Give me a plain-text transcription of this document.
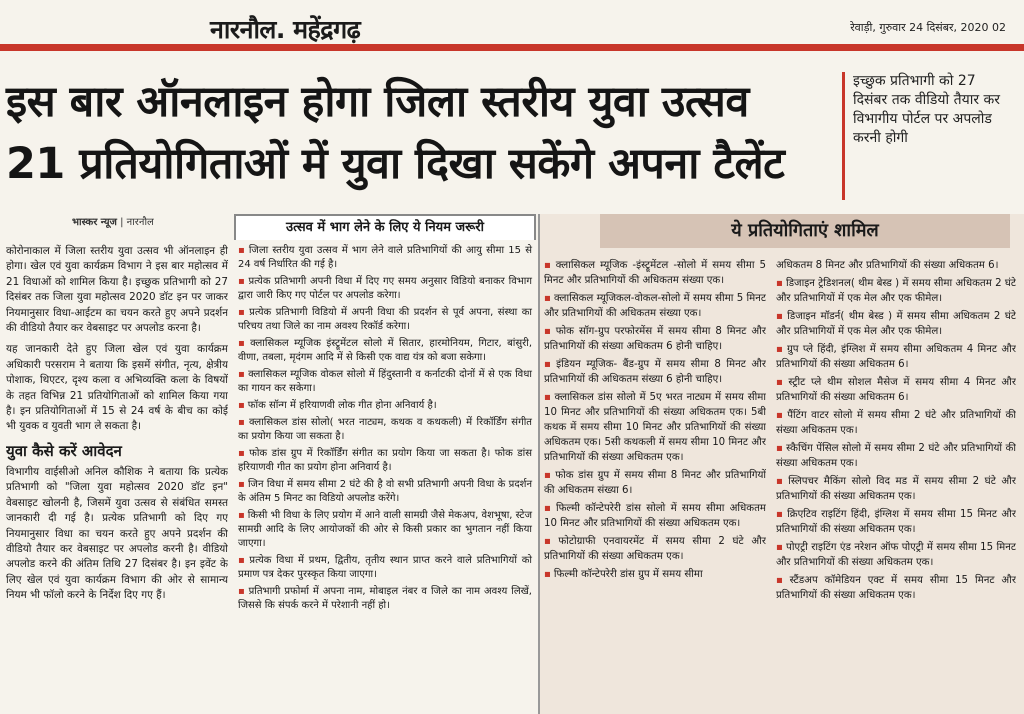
नारनौल. महेंद्रगढ़	रेवाड़ी, गुरुवार 24 दिसंबर, 2020 02
इस बार ऑनलाइन होगा जिला स्तरीय युवा उत्सव
21 प्रतियोगिताओं में युवा दिखा सकेंगे अपना टैलेंट

इच्छुक प्रतिभागी को 27 दिसंबर तक वीडियो तैयार कर विभागीय पोर्टल पर अपलोड करनी होगी

भास्कर न्यूज | नारनौल

कोरोनाकाल में जिला स्तरीय युवा उत्सव भी ऑनलाइन ही होगा। खेल एवं युवा कार्यक्रम विभाग ने इस बार महोत्सव में 21 विधाओं को शामिल किया है। इच्छुक प्रतिभागी को 27 दिसंबर तक जिला युवा महोत्सव 2020 डॉट इन पर जाकर नियमानुसार विधा-आईटम का चयन करते हुए अपने प्रदर्शन की वीडियो तैयार कर वेबसाइट पर अपलोड करना है।

यह जानकारी देते हुए जिला खेल एवं युवा कार्यक्रम अधिकारी परसराम ने बताया कि इसमें संगीत, नृत्य, क्षेत्रीय पोशाक, थिएटर, दृश्य कला व अभिव्यक्ति कला के विषयों के तहत विभिन्न 21 प्रतियोगिताओं को शामिल किया गया है। इन प्रतियोगिताओं में 15 से 24 वर्ष के बीच का कोई भी युवक व युवती भाग ले सकता है।

युवा कैसे करें आवेदन

विभागीय वाईसीओ अनिल कौशिक ने बताया कि प्रत्येक प्रतिभागी को "जिला युवा महोत्सव 2020 डॉट इन" वेबसाइट खोलनी है, जिसमें युवा उत्सव से संबंधित समस्त जानकारी दी गई है। प्रत्येक प्रतिभागी को दिए गए नियमानुसार विधा का चयन करते हुए अपने प्रदर्शन की वीडियो तैयार कर वेबसाइट पर अपलोड करनी है। वीडियो अपलोड करने की अंतिम तिथि 27 दिसंबर है। इन इवेंट के लिए खेल एवं युवा कार्यक्रम विभाग की ओर से सामान्य नियम भी फॉलो करने के निर्देश दिए गए हैं।

उत्सव में भाग लेने के लिए ये नियम जरूरी

▪ जिला स्तरीय युवा उत्सव में भाग लेने वाले प्रतिभागियों की आयु सीमा 15 से 24 वर्ष निर्धारित की गई है।

▪ प्रत्येक प्रतिभागी अपनी विधा में दिए गए समय अनुसार विडियो बनाकर विभाग द्वारा जारी किए गए पोर्टल पर अपलोड करेगा।

▪ प्रत्येक प्रतिभागी विडियो में अपनी विधा की प्रदर्शन से पूर्व अपना, संस्था का परिचय तथा जिले का नाम अवश्य रिकॉर्ड करेगा।

▪ क्लासिकल म्यूजिक इंस्ट्रूमेंटल सोलो में सितार, हारमोनियम, गिटार, बांसुरी, वीणा, तबला, मृदंगम आदि में से किसी एक वाद्य यंत्र को बजा सकेगा।

▪ क्लासिकल म्यूजिक वोकल सोलो में हिंदुस्तानी व कर्नाटकी दोनों में से एक विधा का गायन कर सकेगा।

▪ फॉक सॉन्ग में हरियाणवी लोक गीत होना अनिवार्य है।

▪ क्लासिकल डांस सोलो( भरत नाट्यम, कथक व कथकली) में रिकॉर्डिंग संगीत का प्रयोग किया जा सकता है।

▪ फोक डांस ग्रुप में रिकॉर्डिंग संगीत का प्रयोग किया जा सकता है। फोक डांस हरियाणवी गीत का प्रयोग होना अनिवार्य है।

▪ जिन विधा में समय सीमा 2 घंटे की है वो सभी प्रतिभागी अपनी विधा के प्रदर्शन के अंतिम 5 मिनट का विडियो अपलोड करेंगे।

▪ किसी भी विधा के लिए प्रयोग में आने वाली सामग्री जैसे मेकअप, वेशभूषा, स्टेज सामग्री आदि के लिए आयोजकों की ओर से किसी प्रकार का भुगतान नहीं किया जाएगा।

▪ प्रत्येक विधा में प्रथम, द्वितीय, तृतीय स्थान प्राप्त करने वाले प्रतिभागियों को प्रमाण पत्र देकर पुरस्कृत किया जाएगा।

▪ प्रतिभागी प्रफोर्मा में अपना नाम, मोबाइल नंबर व जिले का नाम अवश्य लिखें, जिससे कि संपर्क करने में परेशानी नहीं हो।

ये प्रतियोगिताएं शामिल

▪ क्लासिकल म्यूजिक -इंस्ट्रूमेंटल -सोलो में समय सीमा 5 मिनट और प्रतिभागियों की अधिकतम संख्या एक।

▪ क्लासिकल म्यूजिकल-वोकल-सोलो में समय सीमा 5 मिनट और प्रतिभागियों की अधिकतम संख्या एक।

▪ फोक सॉग-ग्रुप परफोरमेंस में समय सीमा 8 मिनट और प्रतिभागियों की संख्या अधिकतम 6 होनी चाहिए।

▪ इंडियन म्यूजिक- बैंड-ग्रुप में समय सीमा 8 मिनट और प्रतिभागियों की अधिकतम संख्या 6 होनी चाहिए।

▪ क्लासिकल डांस सोलो में 5ए भरत नाट्यम में समय सीमा 10 मिनट और प्रतिभागियों की संख्या अधिकतम एक। 5बी कथक में समय सीमा 10 मिनट और प्रतिभागियों की संख्या अधिकतम एक। 5सी कथकली में समय सीमा 10 मिनट और प्रतिभागियों की संख्या अधिकतम एक।

▪ फोक डांस ग्रुप में समय सीमा 8 मिनट और प्रतिभागियों की अधिकतम संख्या 6।

▪ फिल्मी कॉन्टेपरेरी डांस सोलो में समय सीमा अधिकतम 10 मिनट और प्रतिभागियों की संख्या अधिकतम एक।

▪ फोटोग्राफी एनवायरमेंट में समय सीमा 2 घंटे और प्रतिभागियों की संख्या अधिकतम एक।

▪ फिल्मी कॉन्टेपरेरी डांस ग्रुप में समय सीमा

अधिकतम 8 मिनट और प्रतिभागियों की संख्या अधिकतम 6।

▪ डिजाइन ट्रेडिशनल( थीम बेस्ड ) में समय सीमा अधिकतम 2 घंटे और प्रतिभागियों में एक मेल और एक फीमेल।

▪ डिजाइन मॉडर्न( थीम बेस्ड ) में समय सीमा अधिकतम 2 घंटे और प्रतिभागियों में एक मेल और एक फीमेल।

▪ ग्रुप प्ले हिंदी, इंग्लिश में समय सीमा अधिकतम 4 मिनट और प्रतिभागियों की संख्या अधिकतम 6।

▪ स्ट्रीट प्ले थीम सोशल मैसेज में समय सीमा 4 मिनट और प्रतिभागियों की संख्या अधिकतम 6।

▪ पैंटिंग वाटर सोलो में समय सीमा 2 घंटे और प्रतिभागियों की संख्या अधिकतम एक।

▪ स्कैचिंग पेंसिल सोलो में समय सीमा 2 घंटे और प्रतिभागियों की संख्या अधिकतम एक।

▪ स्लिपचर मैकिंग सोलो विद मड में समय सीमा 2 घंटे और प्रतिभागियों की संख्या अधिकतम एक।

▪ क्रिएटिव राइटिंग हिंदी, इंग्लिश में समय सीमा 15 मिनट और प्रतिभागियों की संख्या अधिकतम एक।

▪ पोएट्री राइटिंग एंड नरेशन ऑफ पोएट्री में समय सीमा 15 मिनट और प्रतिभागियों की संख्या अधिकतम एक।

▪ स्टैंडअप कॉमेडियन एक्ट में समय सीमा 15 मिनट और प्रतिभागियों की संख्या अधिकतम एक।
